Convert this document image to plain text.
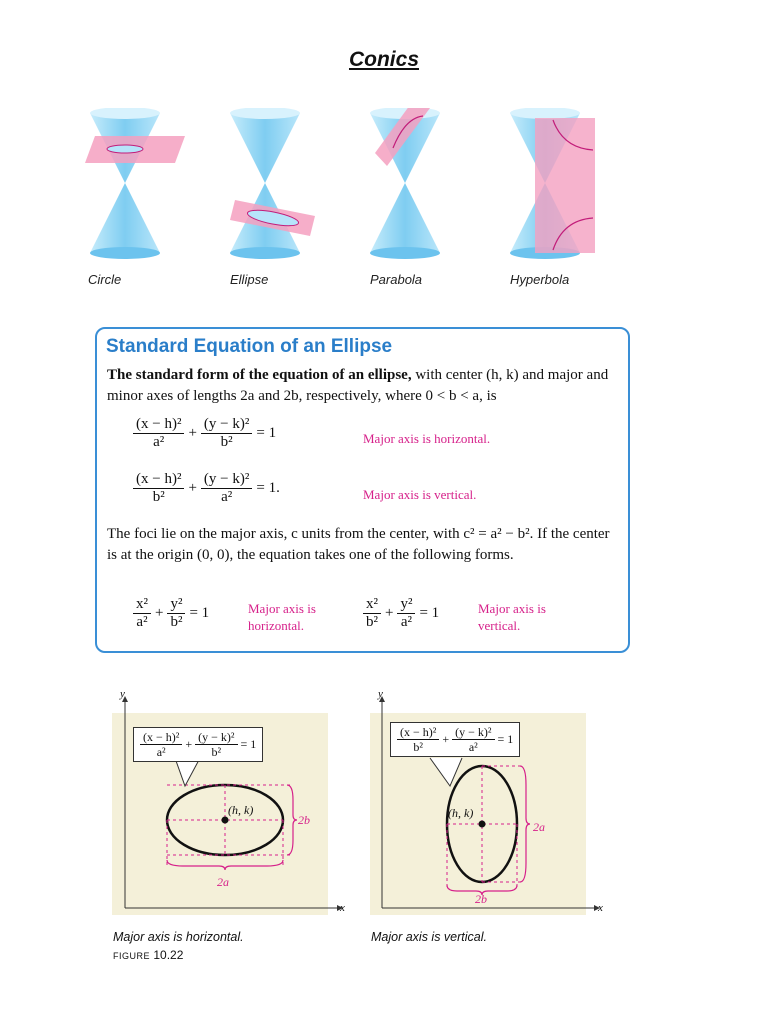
Conics
Circle	Ellipse	Parabola	Hyperbola
Standard Equation of an Ellipse
The standard form of the equation of an ellipse, with center (h, k) and major and minor axes of lengths 2a and 2b, respectively, where 0 < b < a, is
$\frac{\text{(x − h)²}}{\text{a²}} + \frac{\text{(y − k)²}}{\text{b²}} = 1$	Major axis is horizontal.
$\frac{\text{(x − h)²}}{\text{b²}} + \frac{\text{(y − k)²}}{\text{a²}} = 1$.	Major axis is vertical.
The foci lie on the major axis, c units from the center, with c² = a² − b². If the center is at the origin (0, 0), the equation takes one of the following forms.
$\frac{\text{x²}}{\text{a²}} + \frac{\text{y²}}{\text{b²}} = 1$	Major axis is
horizontal.	$\frac{\text{x²}}{\text{b²}} + \frac{\text{y²}}{\text{a²}} = 1$	Major axis is
vertical.
y
x
$\frac{\text{(x − h)²}}{\text{a²}} + \frac{\text{(y − k)²}}{\text{b²}} = 1$
(h, k)
2b
2a
Major axis is horizontal.
FIGURE 10.22
y
x
$\frac{\text{(x − h)²}}{\text{b²}} + \frac{\text{(y − k)²}}{\text{a²}} = 1$
(h, k)
2a
2b
Major axis is vertical.
